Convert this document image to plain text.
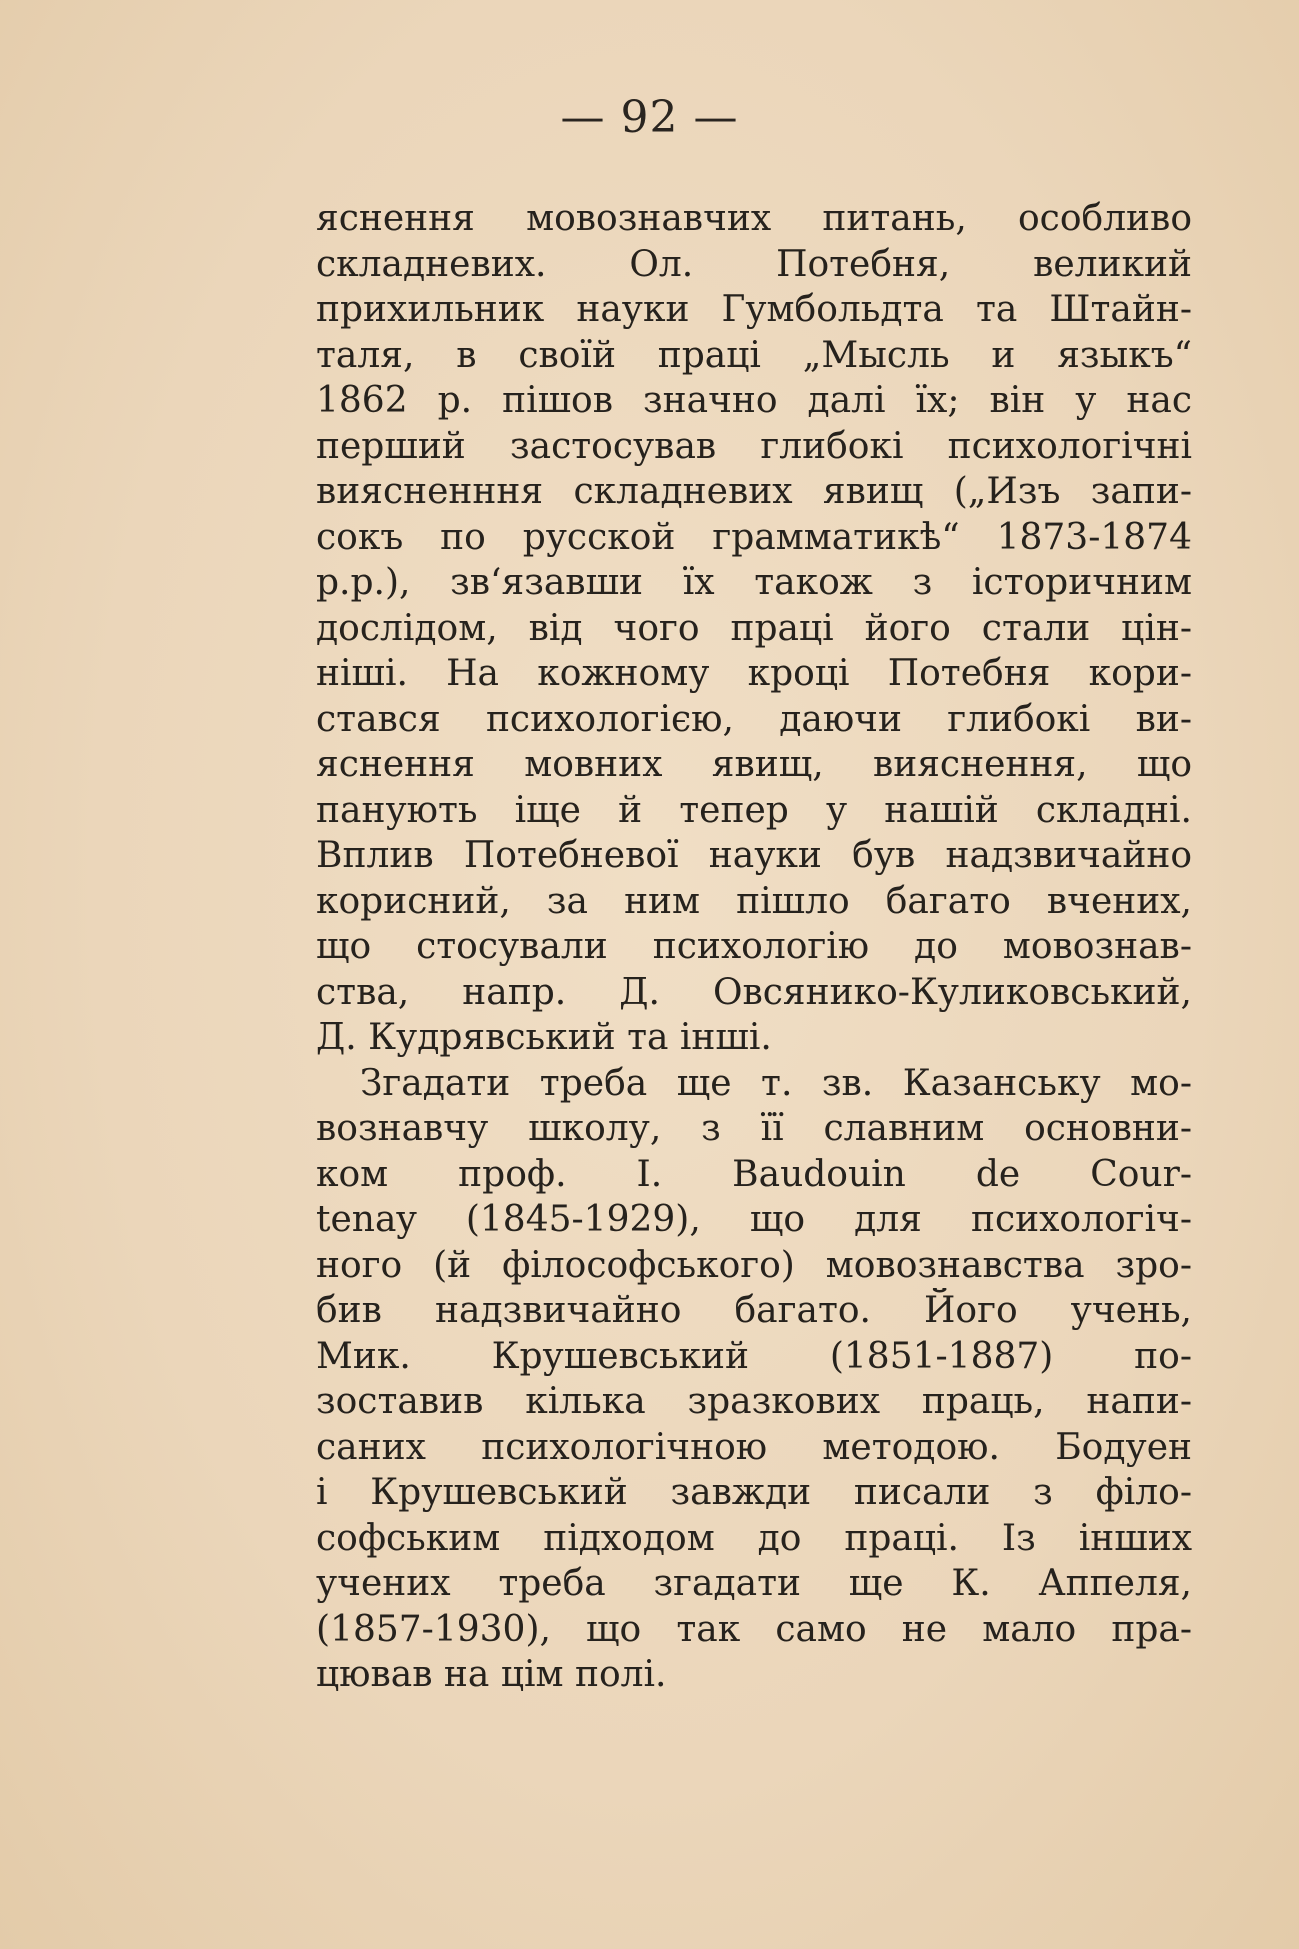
— 92 —
яснення мовознавчих питань, особливо
складневих. Ол. Потебня, великий
прихильник науки Гумбольдта та Штайн-
таля, в своїй праці „Мысль и языкъ“
1862 р. пішов значно далі їх; він у нас
перший застосував глибокі психологічні
виясненння складневих явищ („Изъ запи-
сокъ по русской грамматикѣ“ 1873-1874
р.р.), зв‘язавши їх також з історичним
дослідом, від чого праці його стали цін-
ніші. На кожному кроці Потебня кори-
стався психологією, даючи глибокі ви-
яснення мовних явищ, вияснення, що
панують іще й тепер у нашій складні.
Вплив Потебневої науки був надзвичайно
корисний, за ним пішло багато вчених,
що стосували психологію до мовознав-
ства, напр. Д. Овсянико-Куликовський,
Д. Кудрявський та інші.
Згадати треба ще т. зв. Казанську мо-
вознавчу школу, з її славним основни-
ком проф. І. Baudouin de Cour-
tenay (1845-1929), що для психологіч-
ного (й філософського) мовознавства зро-
бив надзвичайно багато. Його учень,
Мик. Крушевський (1851-1887) по-
зоставив кілька зразкових праць, напи-
саних психологічною методою. Бодуен
і Крушевський завжди писали з філо-
софським підходом до праці. Із інших
учених треба згадати ще К. Аппеля,
(1857-1930), що так само не мало пра-
цював на цім полі.
